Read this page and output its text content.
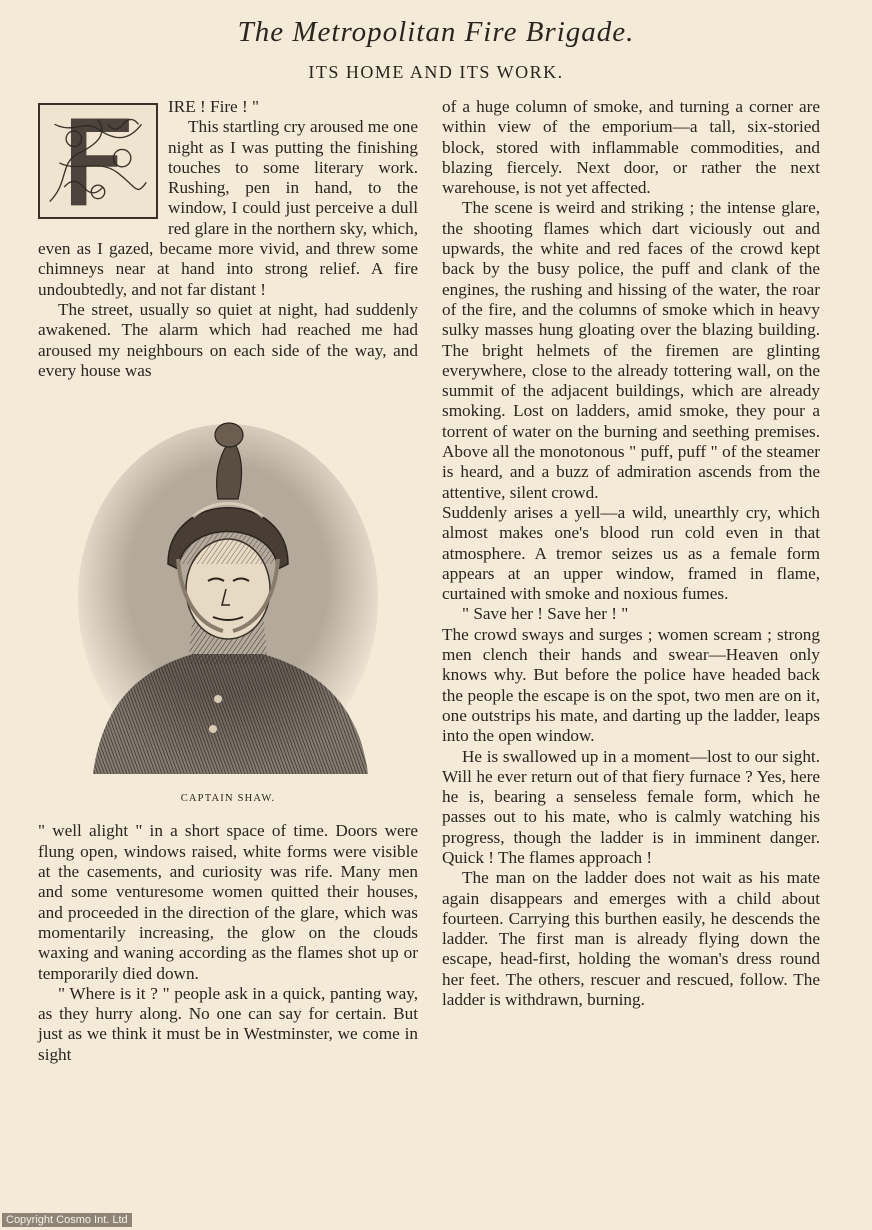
The Metropolitan Fire Brigade.
ITS HOME AND ITS WORK.

IRE ! Fire ! "
This startling cry aroused me one night as I was putting the finishing touches to some literary work. Rushing, pen in hand, to the window, I could just perceive a dull red glare in the northern sky, which, even as I gazed, became more vivid, and threw some chimneys near at hand into strong relief. A fire undoubtedly, and not far distant !

The street, usually so quiet at night, had suddenly awakened. The alarm which had reached me had aroused my neighbours on each side of the way, and every house was

CAPTAIN SHAW.

" well alight " in a short space of time. Doors were flung open, windows raised, white forms were visible at the casements, and curiosity was rife. Many men and some venturesome women quitted their houses, and proceeded in the direction of the glare, which was momentarily increasing, the glow on the clouds waxing and waning according as the flames shot up or temporarily died down.

" Where is it ? " people ask in a quick, panting way, as they hurry along. No one can say for certain. But just as we think it must be in Westminster, we come in sight

of a huge column of smoke, and turning a corner are within view of the emporium—a tall, six-storied block, stored with inflammable commodities, and blazing fiercely. Next door, or rather the next warehouse, is not yet affected.

The scene is weird and striking ; the intense glare, the shooting flames which dart viciously out and upwards, the white and red faces of the crowd kept back by the busy police, the puff and clank of the engines, the rushing and hissing of the water, the roar of the fire, and the columns of smoke which in heavy sulky masses hung gloating over the blazing building. The bright helmets of the firemen are glinting everywhere, close to the already tottering wall, on the summit of the adjacent buildings, which are already smoking. Lost on ladders, amid smoke, they pour a torrent of water on the burning and seething premises. Above all the monotonous " puff, puff " of the steamer is heard, and a buzz of admiration ascends from the attentive, silent crowd.

Suddenly arises a yell—a wild, unearthly cry, which almost makes one's blood run cold even in that atmosphere. A tremor seizes us as a female form appears at an upper window, framed in flame, curtained with smoke and noxious fumes.

" Save her ! Save her ! "

The crowd sways and surges ; women scream ; strong men clench their hands and swear—Heaven only knows why. But before the police have headed back the people the escape is on the spot, two men are on it, one outstrips his mate, and darting up the ladder, leaps into the open window.

He is swallowed up in a moment—lost to our sight. Will he ever return out of that fiery furnace ? Yes, here he is, bearing a senseless female form, which he passes out to his mate, who is calmly watching his progress, though the ladder is in imminent danger. Quick ! The flames approach !

The man on the ladder does not wait as his mate again disappears and emerges with a child about fourteen. Carrying this burthen easily, he descends the ladder. The first man is already flying down the escape, head-first, holding the woman's dress round her feet. The others, rescuer and rescued, follow. The ladder is withdrawn, burning.

Copyright Cosmo Int. Ltd
